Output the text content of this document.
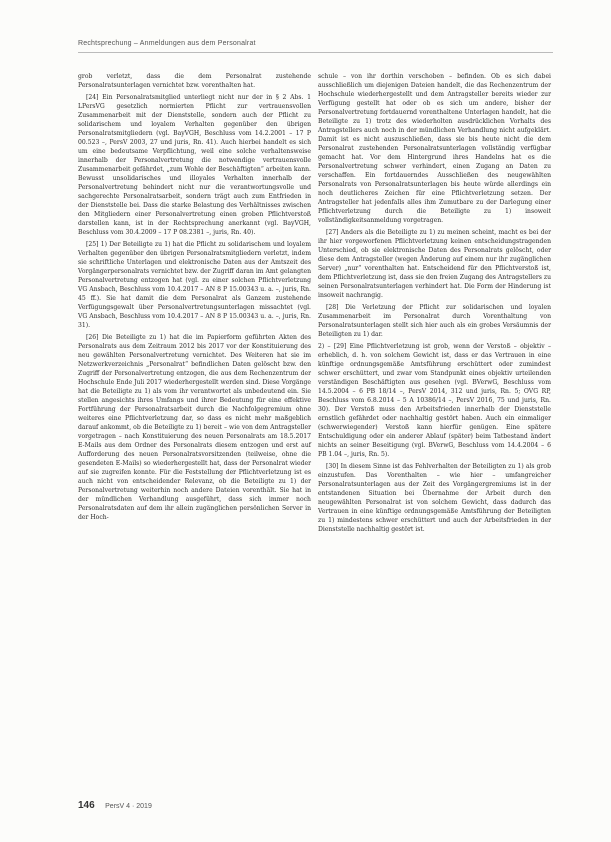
Rechtsprechung – Anmeldungen aus dem Personalrat

grob verletzt, dass die dem Personalrat zustehende Personalratsunterlagen vernichtet bzw. vorenthalten hat.

[24] Ein Personalratsmitglied unterliegt nicht nur der in § 2 Abs. 1 LPersVG gesetzlich normierten Pflicht zur vertrauensvollen Zusammenarbeit mit der Dienststelle, sondern auch der Pflicht zu solidarischem und loyalem Verhalten gegenüber den übrigen Personalratsmitgliedern (vgl. BayVGH, Beschluss vom 14.2.2001 – 17 P 00.523 –, PersV 2003, 27 und juris, Rn. 41). Auch hierbei handelt es sich um eine bedeutsame Verpflichtung, weil eine solche verhaltensweise innerhalb der Personalvertretung die notwendige vertrauensvolle Zusammenarbeit gefährdet, „zum Wohle der Beschäftigten“ arbeiten kann. Bewusst unsolidarisches und illoyales Verhalten innerhalb der Personalvertretung behindert nicht nur die verantwortungsvolle und sachgerechte Personalratsarbeit, sondern trägt auch zum Entfrieden in der Dienststelle bei. Dass die starke Belastung des Verhältnisses zwischen den Mitgliedern einer Personalvertretung einen groben Pflichtverstoß darstellen kann, ist in der Rechtsprechung anerkannt (vgl. BayVGH, Beschluss vom 30.4.2009 – 17 P 08.2381 –, juris, Rn. 40).

[25] 1) Der Beteiligte zu 1) hat die Pflicht zu solidarischem und loyalem Verhalten gegenüber den übrigen Personalratsmitgliedern verletzt, indem sie schriftliche Unterlagen und elektronische Daten aus der Amtszeit des Vorgängerpersonalrats vernichtet bzw. der Zugriff daran im Amt gelangten Personalvertretung entzogen hat (vgl. zu einer solchen Pflichtverletzung VG Ansbach, Beschluss vom 10.4.2017 – AN 8 P 15.00343 u. a. –, juris, Rn. 45 ff.). Sie hat damit die dem Personalrat als Ganzem zustehende Verfügungsgewalt über Personalvertretungsunterlagen missachtet (vgl. VG Ansbach, Beschluss vom 10.4.2017 – AN 8 P 15.00343 u. a. –, juris, Rn. 31).

[26] Die Beteiligte zu 1) hat die im Papierform geführten Akten des Personalrats aus dem Zeitraum 2012 bis 2017 vor der Konstituierung des neu gewählten Personalvertretung vernichtet. Des Weiteren hat sie im Netzwerkverzeichnis „Personalrat“ befindlichen Daten gelöscht bzw. den Zugriff der Personalvertretung entzogen, die aus dem Rechenzentrum der Hochschule Ende Juli 2017 wiederhergestellt werden sind. Diese Vorgänge hat die Beteiligte zu 1) als vom ihr verantwortet als unbedeutend ein. Sie stellen angesichts ihres Umfangs und ihrer Bedeutung für eine effektive Fortführung der Personalratsarbeit durch die Nachfolgegremium ohne weiteres eine Pflichtverletzung dar, so dass es nicht mehr maßgeblich darauf ankommt, ob die Beteiligte zu 1) bereit – wie von dem Antragsteller vorgetragen – nach Konstituierung des neuen Personalrats am 18.5.2017 E-Mails aus dem Ordner des Personalrats diesem entzogen und erst auf Aufforderung des neuen Personalratsvorsitzenden (teilweise, ohne die gesendeten E-Mails) so wiederhergestellt hat, dass der Personalrat wieder auf sie zugreifen konnte. Für die Feststellung der Pflichtverletzung ist es auch nicht von entscheidender Relevanz, ob die Beteiligte zu 1) der Personalvertretung weiterhin noch andere Dateien vorenthält. Sie hat in der mündlichen Verhandlung ausgeführt, dass sich immer noch Personalratsdaten auf dem ihr allein zugänglichen persönlichen Server in der Hoch-

schule – von ihr dorthin verschoben – befinden. Ob es sich dabei ausschließlich um diejenigen Dateien handelt, die das Rechenzentrum der Hochschule wiederhergestellt und dem Antragsteller bereits wieder zur Verfügung gestellt hat oder ob es sich um andere, bisher der Personalvertretung fortdauernd vorenthaltene Unterlagen handelt, hat die Beteiligte zu 1) trotz des wiederholten ausdrücklichen Vorhalts des Antragstellers auch noch in der mündlichen Verhandlung nicht aufgeklärt. Damit ist es nicht auszuschließen, dass sie bis heute nicht die dem Personalrat zustehenden Personalratsunterlagen vollständig verfügbar gemacht hat. Vor dem Hintergrund ihres Handelns hat es die Personalvertretung schwer verhindert, einen Zugang an Daten zu verschaffen. Ein fortdauerndes Ausschließen des neugewählten Personalrats von Personalratsunterlagen bis heute würde allerdings ein noch deutlicheres Zeichen für eine Pflichtverletzung setzen. Der Antragsteller hat jedenfalls alles ihm Zumutbare zu der Darlegung einer Pflichtverletzung durch die Beteiligte zu 1) insoweit vollständigkeitsanmeldung vorgetragen.

[27] Anders als die Beteiligte zu 1) zu meinen scheint, macht es bei der ihr hier vorgeworfenen Pflichtverletzung keinen entscheidungstragenden Unterschied, ob sie elektronische Daten des Personalrats gelöscht, oder diese dem Antragsteller (wegen Änderung auf einem nur ihr zugänglichen Server) „nur“ vorenthalten hat. Entscheidend für den Pflichtverstoß ist, dem Pflichtverletzung ist, dass sie den freien Zugang des Antragstellers zu seinen Personalratsunterlagen verhindert hat. Die Form der Hinderung ist insoweit nachrangig.

[28] Die Verletzung der Pflicht zur solidarischen und loyalen Zusammenarbeit im Personalrat durch Vorenthaltung von Personalratsunterlagen stellt sich hier auch als ein grobes Versäumnis der Beteiligten zu 1) dar.

2) – [29] Eine Pflichtverletzung ist grob, wenn der Verstoß – objektiv – erheblich, d. h. von solchem Gewicht ist, dass er das Vertrauen in eine künftige ordnungsgemäße Amtsführung erschüttert oder zumindest schwer erschüttert, und zwar vom Standpunkt eines objektiv urteilenden verständigen Beschäftigten aus gesehen (vgl. BVerwG, Beschluss vom 14.5.2004 – 6 PB 18/14 –, PersV 2014, 312 und juris, Rn. 5; OVG RP, Beschluss vom 6.8.2014 – 5 A 10386/14 –, PersV 2016, 75 und juris, Rn. 30). Der Verstoß muss den Arbeitsfrieden innerhalb der Dienststelle ernstlich gefährdet oder nachhaltig gestört haben. Auch ein einmaliger (schwerwiegender) Verstoß kann hierfür genügen. Eine spätere Entschuldigung oder ein anderer Ablauf (später) beim Tatbestand ändert nichts an seiner Beseitigung (vgl. BVerwG, Beschluss vom 14.4.2004 – 6 PB 1.04 –, juris, Rn. 5).

[30] In diesem Sinne ist das Fehlverhalten der Beteiligten zu 1) als grob einzustufen. Das Vorenthalten – wie hier – umfangreicher Personalratsunterlagen aus der Zeit des Vorgängergremiums ist in der entstandenen Situation bei Übernahme der Arbeit durch den neugewählten Personalrat ist von solchem Gewicht, dass dadurch das Vertrauen in eine künftige ordnungsgemäße Amtsführung der Beteiligten zu 1) mindestens schwer erschüttert und auch der Arbeitsfrieden in der Dienststelle nachhaltig gestört ist.

146 PersV 4 · 2019
